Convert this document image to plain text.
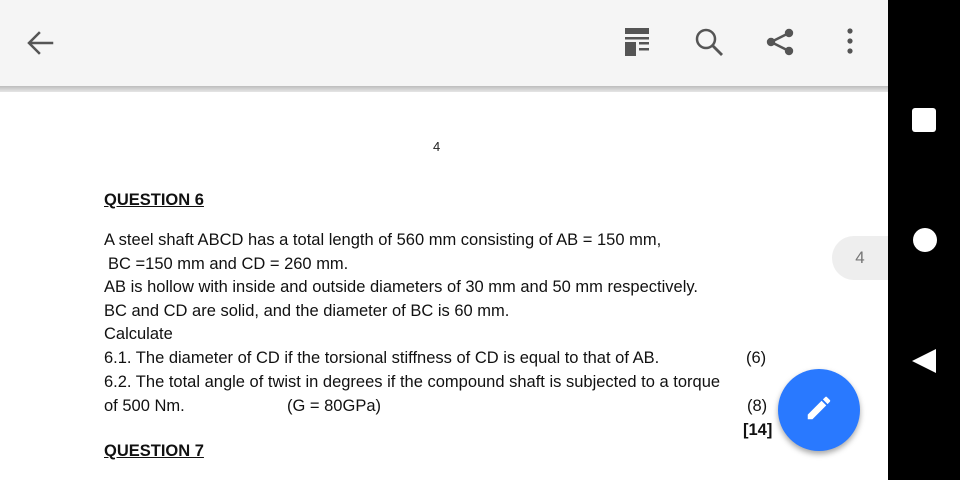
4
QUESTION 6
A steel shaft ABCD has a total length of 560 mm consisting of AB = 150 mm,
BC =150 mm and CD = 260 mm.
AB is hollow with inside and outside diameters of 30 mm and 50 mm respectively.
BC and CD are solid, and the diameter of BC is 60 mm.
Calculate
6.1. The diameter of CD if the torsional stiffness of CD is equal to that of AB.
6.2. The total angle of twist in degrees if the compound shaft is subjected to a torque
of 500 Nm.	(G = 80GPa)
(6)
(8)
[14]
QUESTION 7
4
